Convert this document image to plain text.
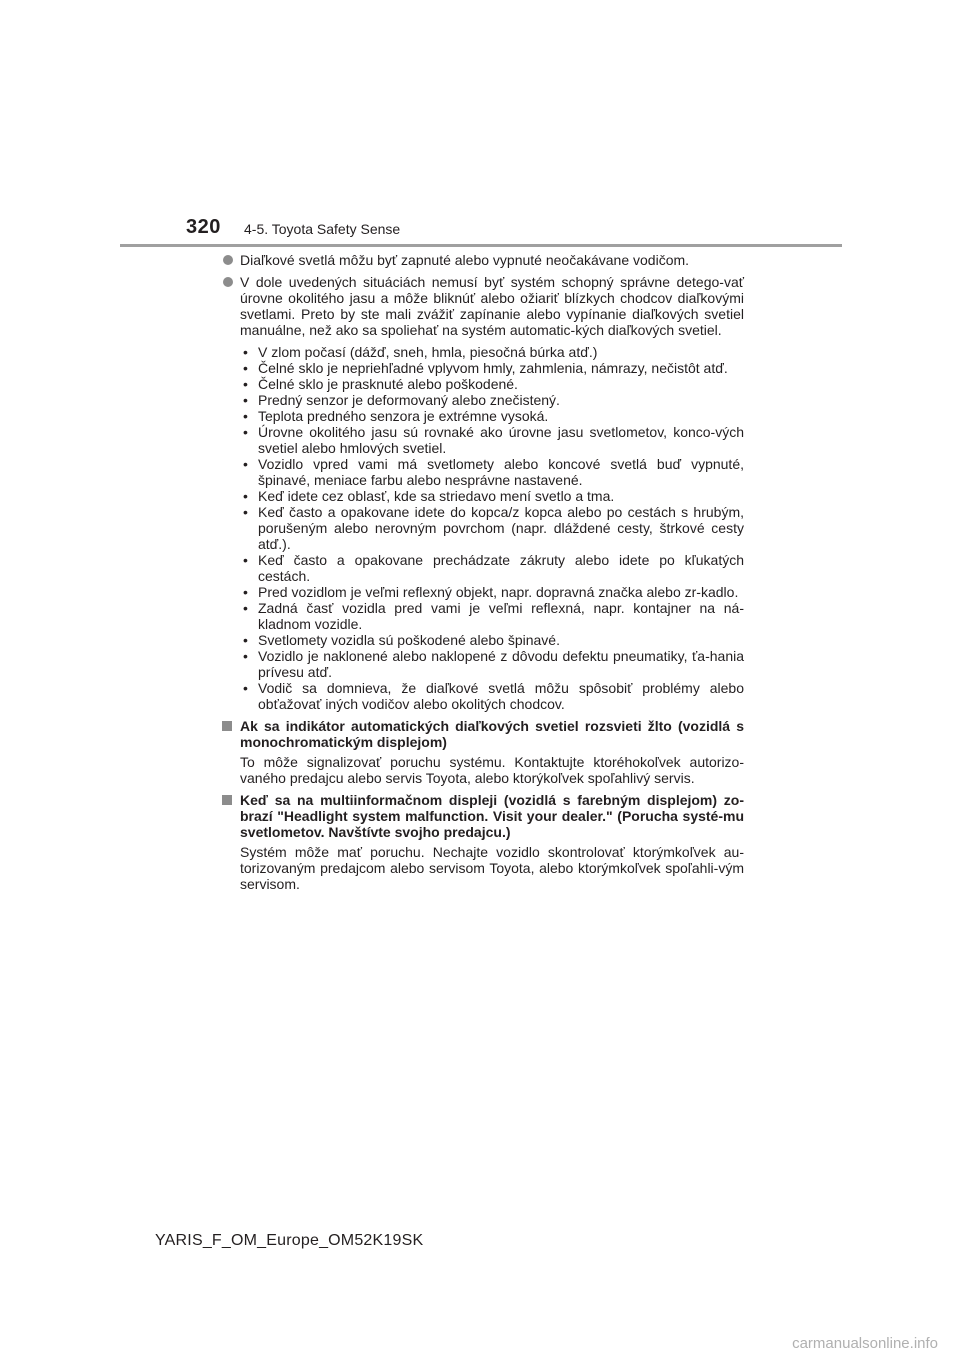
320 4-5. Toyota Safety Sense
Diaľkové svetlá môžu byť zapnuté alebo vypnuté neočakávane vodičom.
V dole uvedených situáciách nemusí byť systém schopný správne detego-vať úrovne okolitého jasu a môže bliknúť alebo ožiariť blízkych chodcov diaľkovými svetlami. Preto by ste mali zvážiť zapínanie alebo vypínanie diaľkových svetiel manuálne, než ako sa spoliehať na systém automatic-kých diaľkových svetiel.
• V zlom počasí (dážď, sneh, hmla, piesočná búrka atď.)
• Čelné sklo je nepriehľadné vplyvom hmly, zahmlenia, námrazy, nečistôt atď.
• Čelné sklo je prasknuté alebo poškodené.
• Predný senzor je deformovaný alebo znečistený.
• Teplota predného senzora je extrémne vysoká.
• Úrovne okolitého jasu sú rovnaké ako úrovne jasu svetlometov, konco-vých svetiel alebo hmlových svetiel.
• Vozidlo vpred vami má svetlomety alebo koncové svetlá buď vypnuté, špinavé, meniace farbu alebo nesprávne nastavené.
• Keď idete cez oblasť, kde sa striedavo mení svetlo a tma.
• Keď často a opakovane idete do kopca/z kopca alebo po cestách s hrubým, porušeným alebo nerovným povrchom (napr. dláždené cesty, štrkové cesty atď.).
• Keď často a opakovane prechádzate zákruty alebo idete po kľukatých cestách.
• Pred vozidlom je veľmi reflexný objekt, napr. dopravná značka alebo zr-kadlo.
• Zadná časť vozidla pred vami je veľmi reflexná, napr. kontajner na ná-kladnom vozidle.
• Svetlomety vozidla sú poškodené alebo špinavé.
• Vozidlo je naklonené alebo naklopené z dôvodu defektu pneumatiky, ťa-hania prívesu atď.
• Vodič sa domnieva, že diaľkové svetlá môžu spôsobiť problémy alebo obťažovať iných vodičov alebo okolitých chodcov.
Ak sa indikátor automatických diaľkových svetiel rozsvieti žlto (vozidlá s monochromatickým displejom)
To môže signalizovať poruchu systému. Kontaktujte ktoréhokoľvek autorizo-vaného predajcu alebo servis Toyota, alebo ktorýkoľvek spoľahlivý servis.
Keď sa na multiinformačnom displeji (vozidlá s farebným displejom) zo-brazí "Headlight system malfunction. Visit your dealer." (Porucha systé-mu svetlometov. Navštívte svojho predajcu.)
Systém môže mať poruchu. Nechajte vozidlo skontrolovať ktorýmkoľvek au-torizovaným predajcom alebo servisom Toyota, alebo ktorýmkoľvek spoľahli-vým servisom.
YARIS_F_OM_Europe_OM52K19SK
carmanualsonline.info
